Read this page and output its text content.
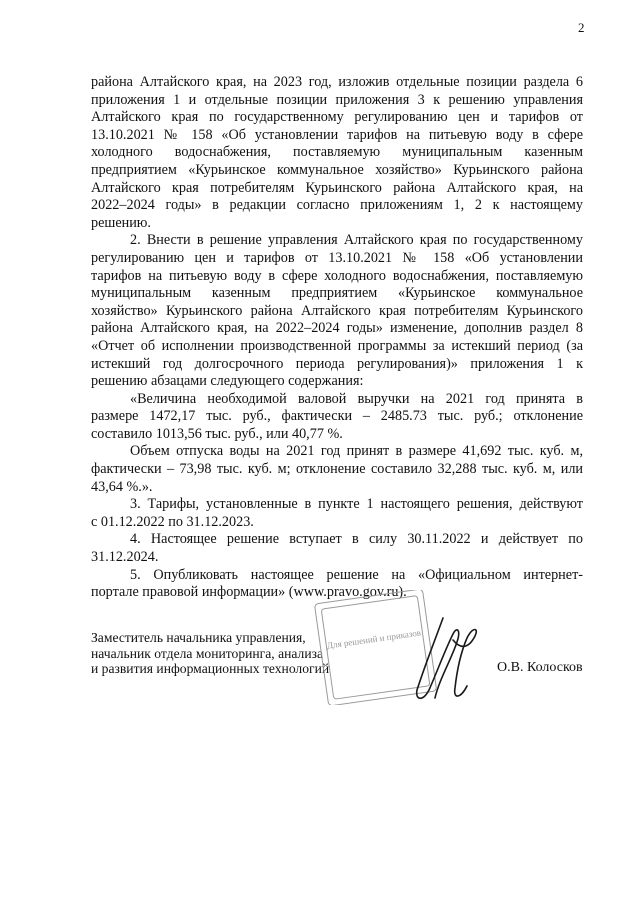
2
района Алтайского края, на 2023 год, изложив отдельные позиции раздела 6
приложения 1 и отдельные позиции приложения 3 к решению управления
Алтайского края по государственному регулированию цен и тарифов от
13.10.2021 № 158 «Об установлении тарифов на питьевую воду в сфере
холодного водоснабжения, поставляемую муниципальным казенным
предприятием «Курьинское коммунальное хозяйство» Курьинского района
Алтайского края потребителям Курьинского района Алтайского края, на
2022–2024 годы» в редакции согласно приложениям 1, 2 к настоящему
решению.
2. Внести в решение управления Алтайского края по государственному
регулированию цен и тарифов от 13.10.2021 № 158 «Об установлении
тарифов на питьевую воду в сфере холодного водоснабжения, поставляемую
муниципальным казенным предприятием «Курьинское коммунальное
хозяйство» Курьинского района Алтайского края потребителям Курьинского
района Алтайского края, на 2022–2024 годы» изменение, дополнив раздел 8
«Отчет об исполнении производственной программы за истекший период (за
истекший год долгосрочного периода регулирования)» приложения 1 к
решению абзацами следующего содержания:
«Величина необходимой валовой выручки на 2021 год принята в
размере 1472,17 тыс. руб., фактически – 2485.73 тыс. руб.; отклонение
составило 1013,56 тыс. руб., или 40,77 %.
Объем отпуска воды на 2021 год принят в размере 41,692 тыс. куб. м,
фактически – 73,98 тыс. куб. м; отклонение составило 32,288 тыс. куб. м, или
43,64 %.».
3. Тарифы, установленные в пункте 1 настоящего решения, действуют
с 01.12.2022 по 31.12.2023.
4. Настоящее решение вступает в силу 30.11.2022 и действует по
31.12.2024.
5. Опубликовать настоящее решение на «Официальном интернет-
портале правовой информации» (www.pravo.gov.ru).
Заместитель начальника управления,
начальник отдела мониторинга, анализа
и развития информационных технологий	О.В. Колосков
Для решений и приказов
